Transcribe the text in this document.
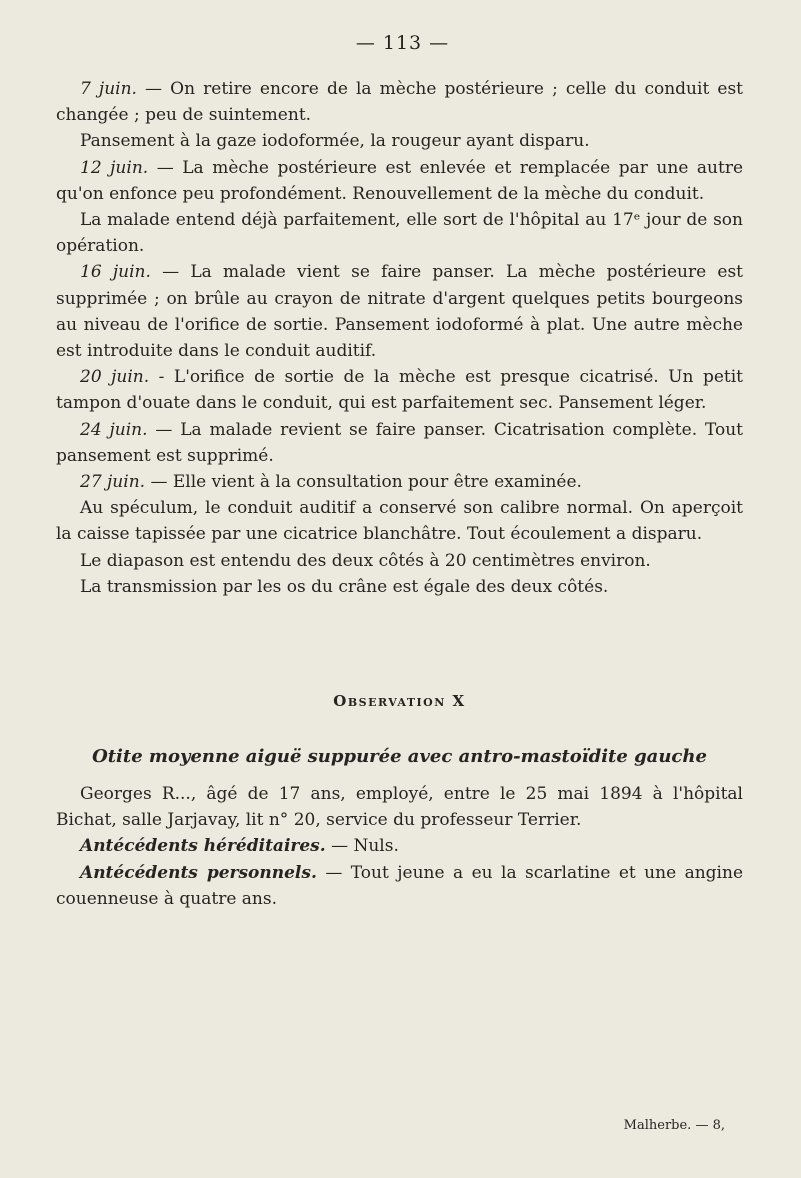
— 113 —

7 juin. — On retire encore de la mèche postérieure ; celle du conduit est changée ; peu de suintement.

Pansement à la gaze iodoformée, la rougeur ayant disparu.

12 juin. — La mèche postérieure est enlevée et remplacée par une autre qu'on enfonce peu profondément. Renouvellement de la mèche du conduit.

La malade entend déjà parfaitement, elle sort de l'hôpital au 17ᵉ jour de son opération.

16 juin. — La malade vient se faire panser. La mèche postérieure est supprimée ; on brûle au crayon de nitrate d'argent quelques petits bourgeons au niveau de l'orifice de sortie. Pansement iodoformé à plat. Une autre mèche est introduite dans le conduit auditif.

20 juin. - L'orifice de sortie de la mèche est presque cicatrisé. Un petit tampon d'ouate dans le conduit, qui est parfaitement sec. Pansement léger.

24 juin. — La malade revient se faire panser. Cicatrisation complète. Tout pansement est supprimé.

27 juin. — Elle vient à la consultation pour être examinée.

Au spéculum, le conduit auditif a conservé son calibre normal. On aperçoit la caisse tapissée par une cicatrice blanchâtre. Tout écoulement a disparu.

Le diapason est entendu des deux côtés à 20 centimètres environ.

La transmission par les os du crâne est égale des deux côtés.

Observation X

Otite moyenne aiguë suppurée avec antro-mastoïdite gauche

Georges R..., âgé de 17 ans, employé, entre le 25 mai 1894 à l'hôpital Bichat, salle Jarjavay, lit n° 20, service du professeur Terrier.

Antécédents héréditaires. — Nuls.

Antécédents personnels. — Tout jeune a eu la scarlatine et une angine couenneuse à quatre ans.

Malherbe. — 8,
